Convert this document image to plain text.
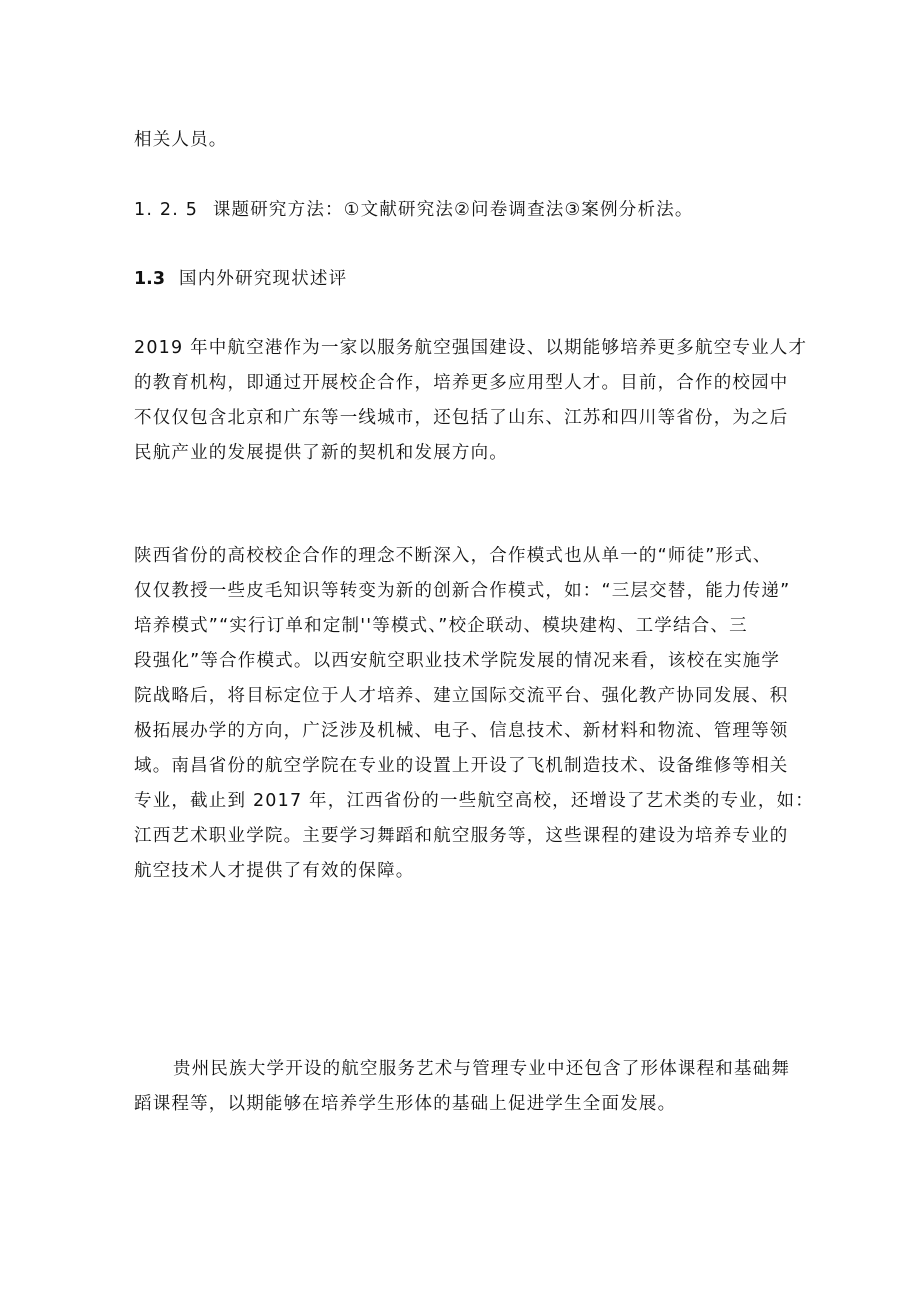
相关人员。
1. 2. 5 课题研究方法：①文献研究法②问卷调查法③案例分析法。
1.3 国内外研究现状述评
2019 年中航空港作为一家以服务航空强国建设、以期能够培养更多航空专业人才
的教育机构，即通过开展校企合作，培养更多应用型人才。目前，合作的校园中
不仅仅包含北京和广东等一线城市，还包括了山东、江苏和四川等省份，为之后
民航产业的发展提供了新的契机和发展方向。
陕西省份的高校校企合作的理念不断深入，合作模式也从单一的“师徒”形式、
仅仅教授一些皮毛知识等转变为新的创新合作模式，如：“三层交替，能力传递”
培养模式”“实行订单和定制''等模式、”校企联动、模块建构、工学结合、三
段强化”等合作模式。以西安航空职业技术学院发展的情况来看，该校在实施学
院战略后，将目标定位于人才培养、建立国际交流平台、强化教产协同发展、积
极拓展办学的方向，广泛涉及机械、电子、信息技术、新材料和物流、管理等领
域。南昌省份的航空学院在专业的设置上开设了飞机制造技术、设备维修等相关
专业，截止到 2017 年，江西省份的一些航空高校，还增设了艺术类的专业，如：
江西艺术职业学院。主要学习舞蹈和航空服务等，这些课程的建设为培养专业的
航空技术人才提供了有效的保障。
贵州民族大学开设的航空服务艺术与管理专业中还包含了形体课程和基础舞
蹈课程等，以期能够在培养学生形体的基础上促进学生全面发展。
